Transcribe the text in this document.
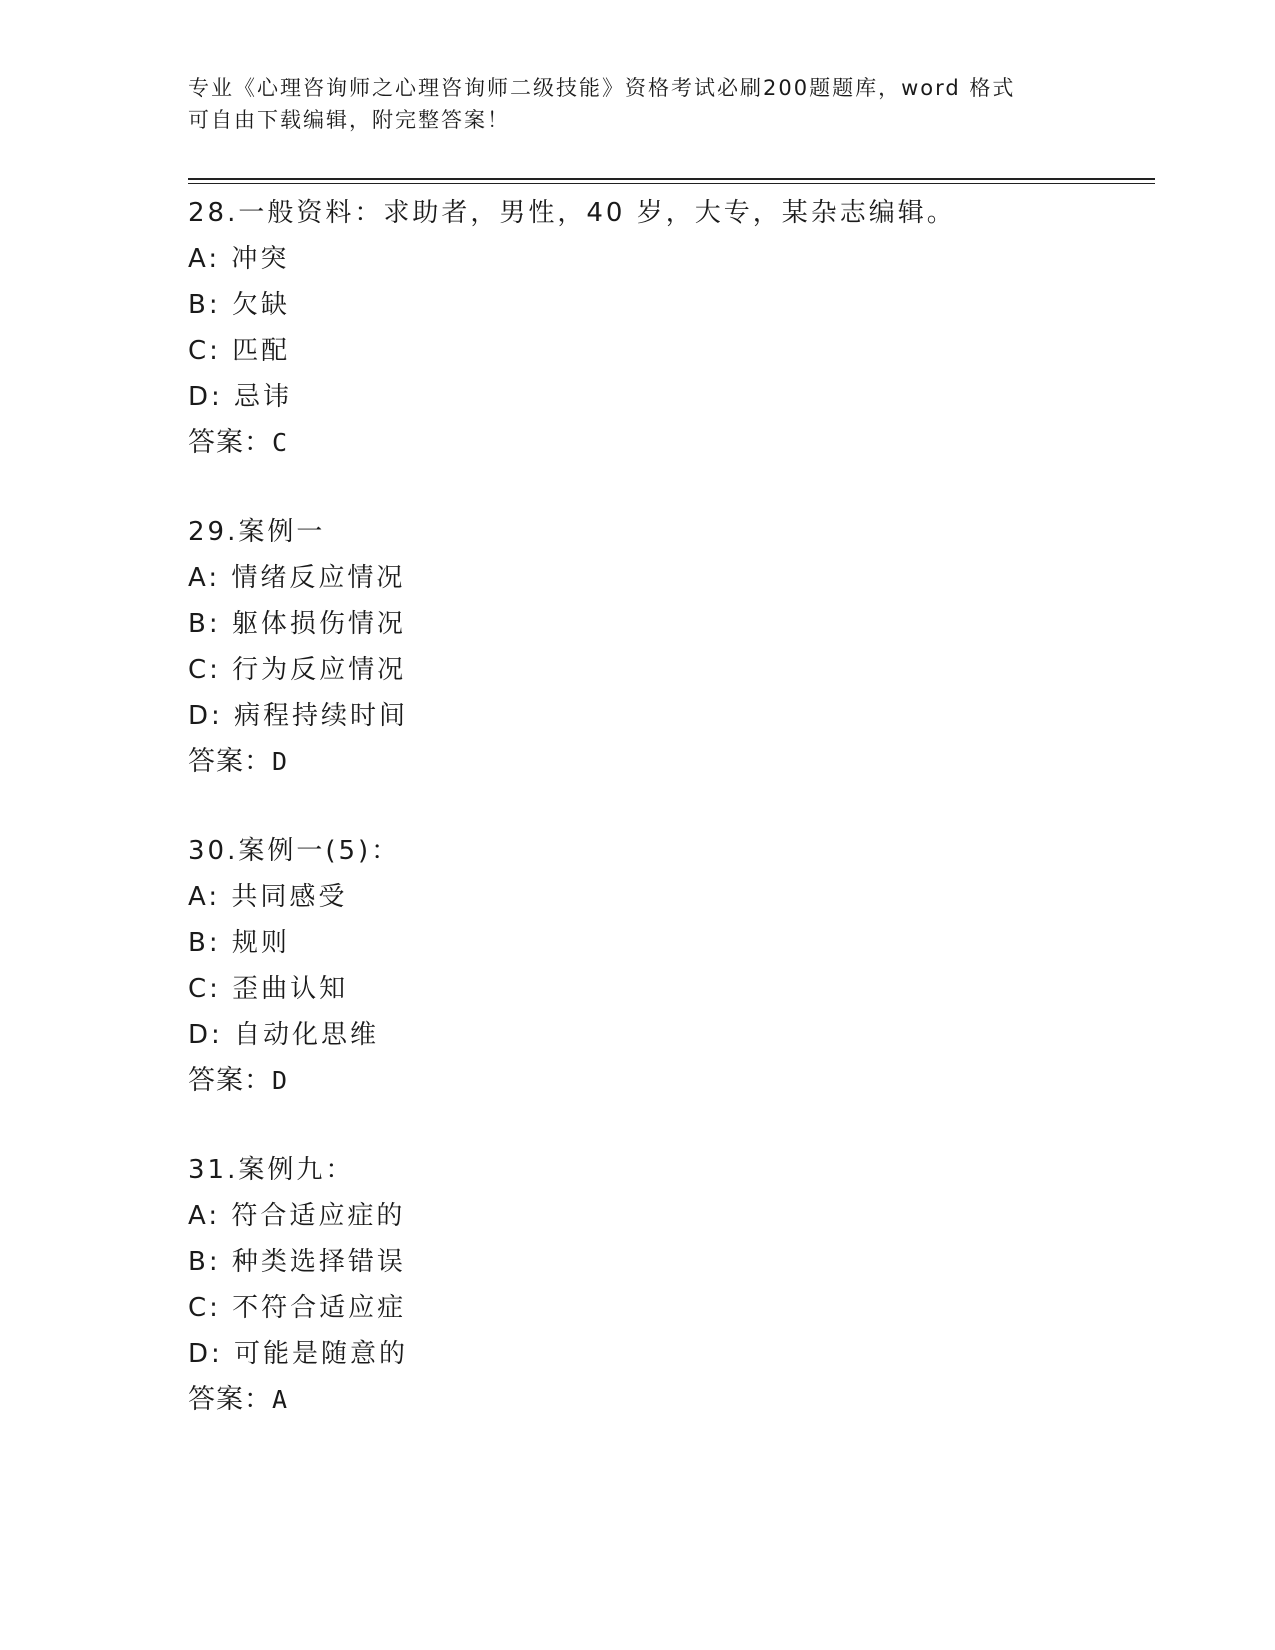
专业《心理咨询师之心理咨询师二级技能》资格考试必刷200题题库，word 格式
可自由下载编辑，附完整答案！
28.一般资料：求助者，男性，40 岁，大专，某杂志编辑。
A: 冲突
B: 欠缺
C: 匹配
D: 忌讳
答案：C
29.案例一
A: 情绪反应情况
B: 躯体损伤情况
C: 行为反应情况
D: 病程持续时间
答案：D
30.案例一(5)：
A: 共同感受
B: 规则
C: 歪曲认知
D: 自动化思维
答案：D
31.案例九：
A: 符合适应症的
B: 种类选择错误
C: 不符合适应症
D: 可能是随意的
答案：A
